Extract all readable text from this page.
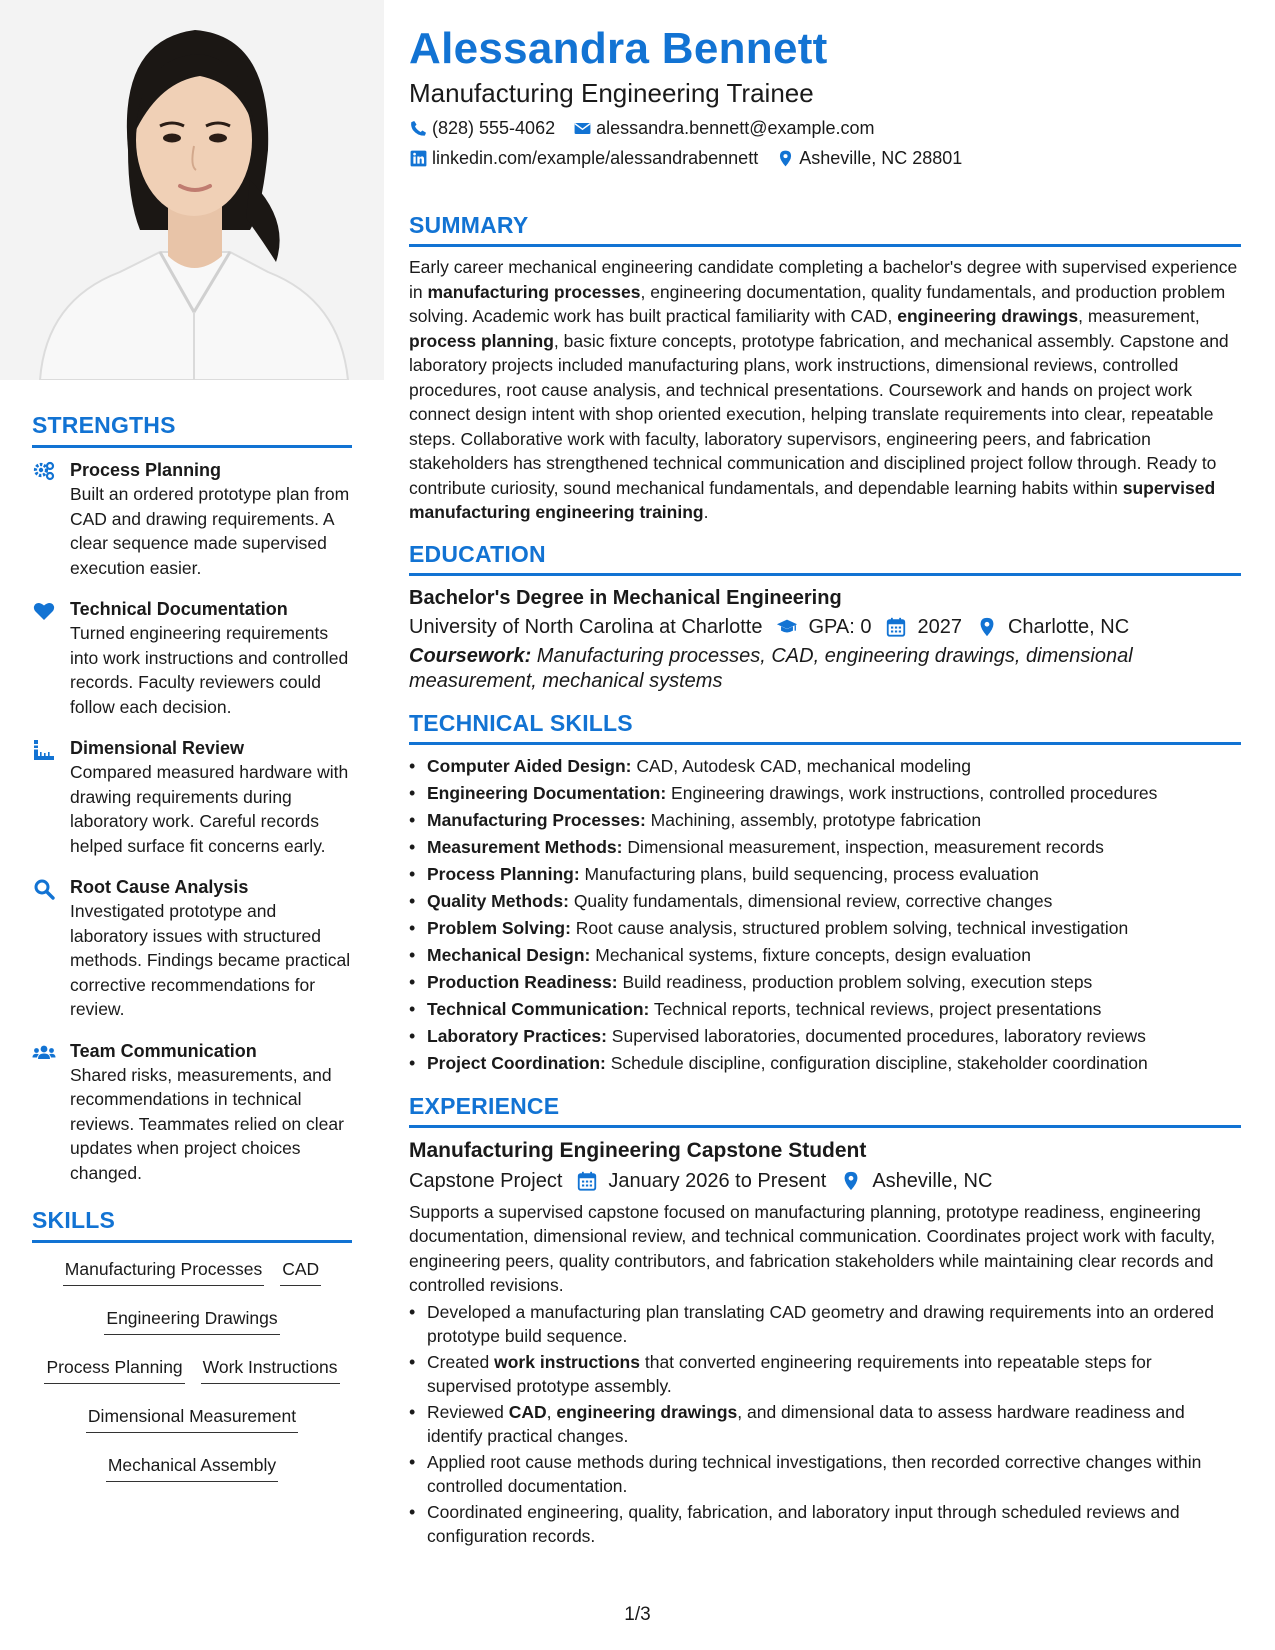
STRENGTHS
Process Planning
Built an ordered prototype plan from CAD and drawing requirements. A clear sequence made supervised execution easier.
Technical Documentation
Turned engineering requirements into work instructions and controlled records. Faculty reviewers could follow each decision.
Dimensional Review
Compared measured hardware with drawing requirements during laboratory work. Careful records helped surface fit concerns early.
Root Cause Analysis
Investigated prototype and laboratory issues with structured methods. Findings became practical corrective recommendations for review.
Team Communication
Shared risks, measurements, and recommendations in technical reviews. Teammates relied on clear updates when project choices changed.
SKILLS
Manufacturing Processes CAD
Engineering Drawings
Process Planning Work Instructions
Dimensional Measurement
Mechanical Assembly
Alessandra Bennett
Manufacturing Engineering Trainee
(828) 555-4062 alessandra.bennett@example.com
linkedin.com/example/alessandrabennett Asheville, NC 28801
SUMMARY

Early career mechanical engineering candidate completing a bachelor's degree with supervised experience in manufacturing processes, engineering documentation, quality fundamentals, and production problem solving. Academic work has built practical familiarity with CAD, engineering drawings, measurement, process planning, basic fixture concepts, prototype fabrication, and mechanical assembly. Capstone and laboratory projects included manufacturing plans, work instructions, dimensional reviews, controlled procedures, root cause analysis, and technical presentations. Coursework and hands on project work connect design intent with shop oriented execution, helping translate requirements into clear, repeatable steps. Collaborative work with faculty, laboratory supervisors, engineering peers, and fabrication stakeholders has strengthened technical communication and disciplined project follow through. Ready to contribute curiosity, sound mechanical fundamentals, and dependable learning habits within supervised manufacturing engineering training.

EDUCATION
Bachelor's Degree in Mechanical Engineering
University of North Carolina at Charlotte GPA: 0 2027 Charlotte, NC
Coursework: Manufacturing processes, CAD, engineering drawings, dimensional measurement, mechanical systems
TECHNICAL SKILLS
• Computer Aided Design: CAD, Autodesk CAD, mechanical modeling
• Engineering Documentation: Engineering drawings, work instructions, controlled procedures
• Manufacturing Processes: Machining, assembly, prototype fabrication
• Measurement Methods: Dimensional measurement, inspection, measurement records
• Process Planning: Manufacturing plans, build sequencing, process evaluation
• Quality Methods: Quality fundamentals, dimensional review, corrective changes
• Problem Solving: Root cause analysis, structured problem solving, technical investigation
• Mechanical Design: Mechanical systems, fixture concepts, design evaluation
• Production Readiness: Build readiness, production problem solving, execution steps
• Technical Communication: Technical reports, technical reviews, project presentations
• Laboratory Practices: Supervised laboratories, documented procedures, laboratory reviews
• Project Coordination: Schedule discipline, configuration discipline, stakeholder coordination
EXPERIENCE
Manufacturing Engineering Capstone Student
Capstone Project January 2026 to Present Asheville, NC

Supports a supervised capstone focused on manufacturing planning, prototype readiness, engineering documentation, dimensional review, and technical communication. Coordinates project work with faculty, engineering peers, quality contributors, and fabrication stakeholders while maintaining clear records and controlled revisions.

• Developed a manufacturing plan translating CAD geometry and drawing requirements into an ordered prototype build sequence.
• Created work instructions that converted engineering requirements into repeatable steps for supervised prototype assembly.
• Reviewed CAD, engineering drawings, and dimensional data to assess hardware readiness and identify practical changes.
• Applied root cause methods during technical investigations, then recorded corrective changes within controlled documentation.
• Coordinated engineering, quality, fabrication, and laboratory input through scheduled reviews and configuration records.
1/3
